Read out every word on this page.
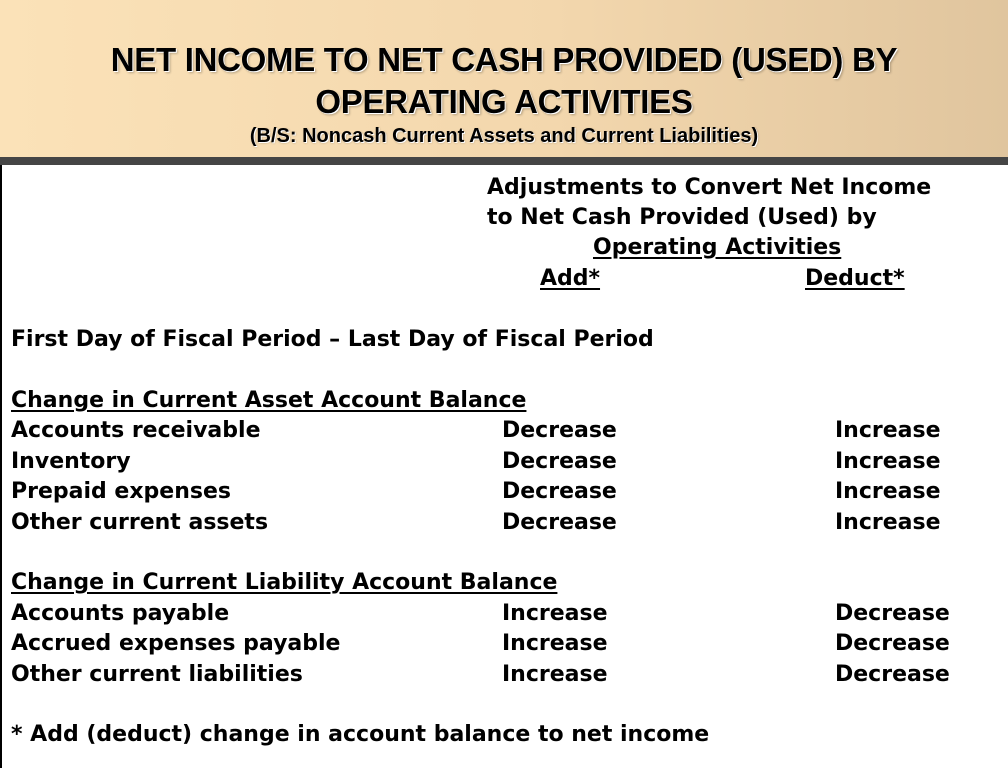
NET INCOME TO NET CASH PROVIDED (USED) BY
OPERATING ACTIVITIES
(B/S: Noncash Current Assets and Current Liabilities)
Adjustments to Convert Net Income
to Net Cash Provided (Used) by
Operating Activities
Add*	Deduct*
First Day of Fiscal Period – Last Day of Fiscal Period
Change in Current Asset Account Balance
Accounts receivable	Decrease	Increase
Inventory	Decrease	Increase
Prepaid expenses	Decrease	Increase
Other current assets	Decrease	Increase
Change in Current Liability Account Balance
Accounts payable	Increase	Decrease
Accrued expenses payable	Increase	Decrease
Other current liabilities	Increase	Decrease
* Add (deduct) change in account balance to net income
